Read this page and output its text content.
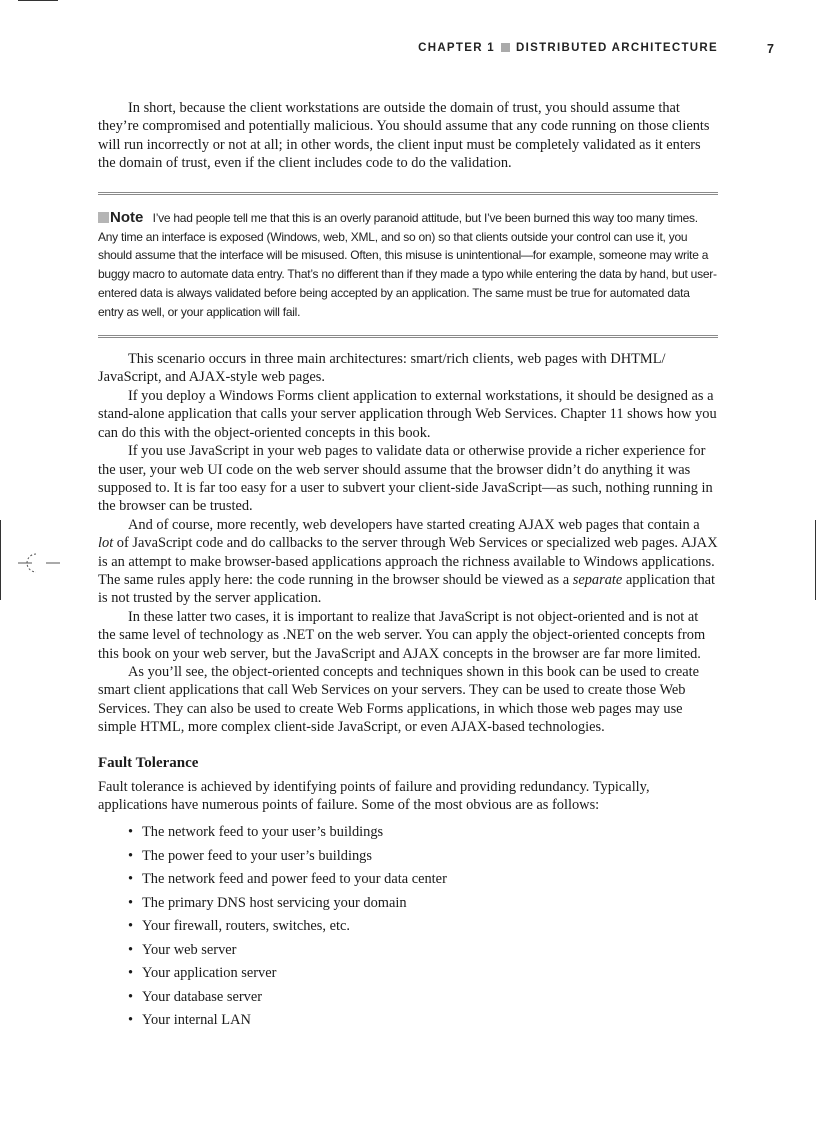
CHAPTER 1 DISTRIBUTED ARCHITECTURE	7

In short, because the client workstations are outside the domain of trust, you should assume that they’re compromised and potentially malicious. You should assume that any code running on those clients will run incorrectly or not at all; in other words, the client input must be completely validated as it enters the domain of trust, even if the client includes code to do the validation.

Note I’ve had people tell me that this is an overly paranoid attitude, but I’ve been burned this way too many times. Any time an interface is exposed (Windows, web, XML, and so on) so that clients outside your control can use it, you should assume that the interface will be misused. Often, this misuse is unintentional—for example, someone may write a buggy macro to automate data entry. That’s no different than if they made a typo while entering the data by hand, but user-entered data is always validated before being accepted by an application. The same must be true for automated data entry as well, or your application will fail.

This scenario occurs in three main architectures: smart/rich clients, web pages with DHTML/ JavaScript, and AJAX-style web pages.

If you deploy a Windows Forms client application to external workstations, it should be designed as a stand-alone application that calls your server application through Web Services. Chapter 11 shows how you can do this with the object-oriented concepts in this book.

If you use JavaScript in your web pages to validate data or otherwise provide a richer experience for the user, your web UI code on the web server should assume that the browser didn’t do anything it was supposed to. It is far too easy for a user to subvert your client-side JavaScript—as such, nothing running in the browser can be trusted.

And of course, more recently, web developers have started creating AJAX web pages that contain a lot of JavaScript code and do callbacks to the server through Web Services or specialized web pages. AJAX is an attempt to make browser-based applications approach the richness available to Windows applications. The same rules apply here: the code running in the browser should be viewed as a separate application that is not trusted by the server application.

In these latter two cases, it is important to realize that JavaScript is not object-oriented and is not at the same level of technology as .NET on the web server. You can apply the object-oriented concepts from this book on your web server, but the JavaScript and AJAX concepts in the browser are far more limited.

As you’ll see, the object-oriented concepts and techniques shown in this book can be used to create smart client applications that call Web Services on your servers. They can be used to create those Web Services. They can also be used to create Web Forms applications, in which those web pages may use simple HTML, more complex client-side JavaScript, or even AJAX-based technologies.

Fault Tolerance

Fault tolerance is achieved by identifying points of failure and providing redundancy. Typically, applications have numerous points of failure. Some of the most obvious are as follows:

• The network feed to your user’s buildings
• The power feed to your user’s buildings
• The network feed and power feed to your data center
• The primary DNS host servicing your domain
• Your firewall, routers, switches, etc.
• Your web server
• Your application server
• Your database server
• Your internal LAN
